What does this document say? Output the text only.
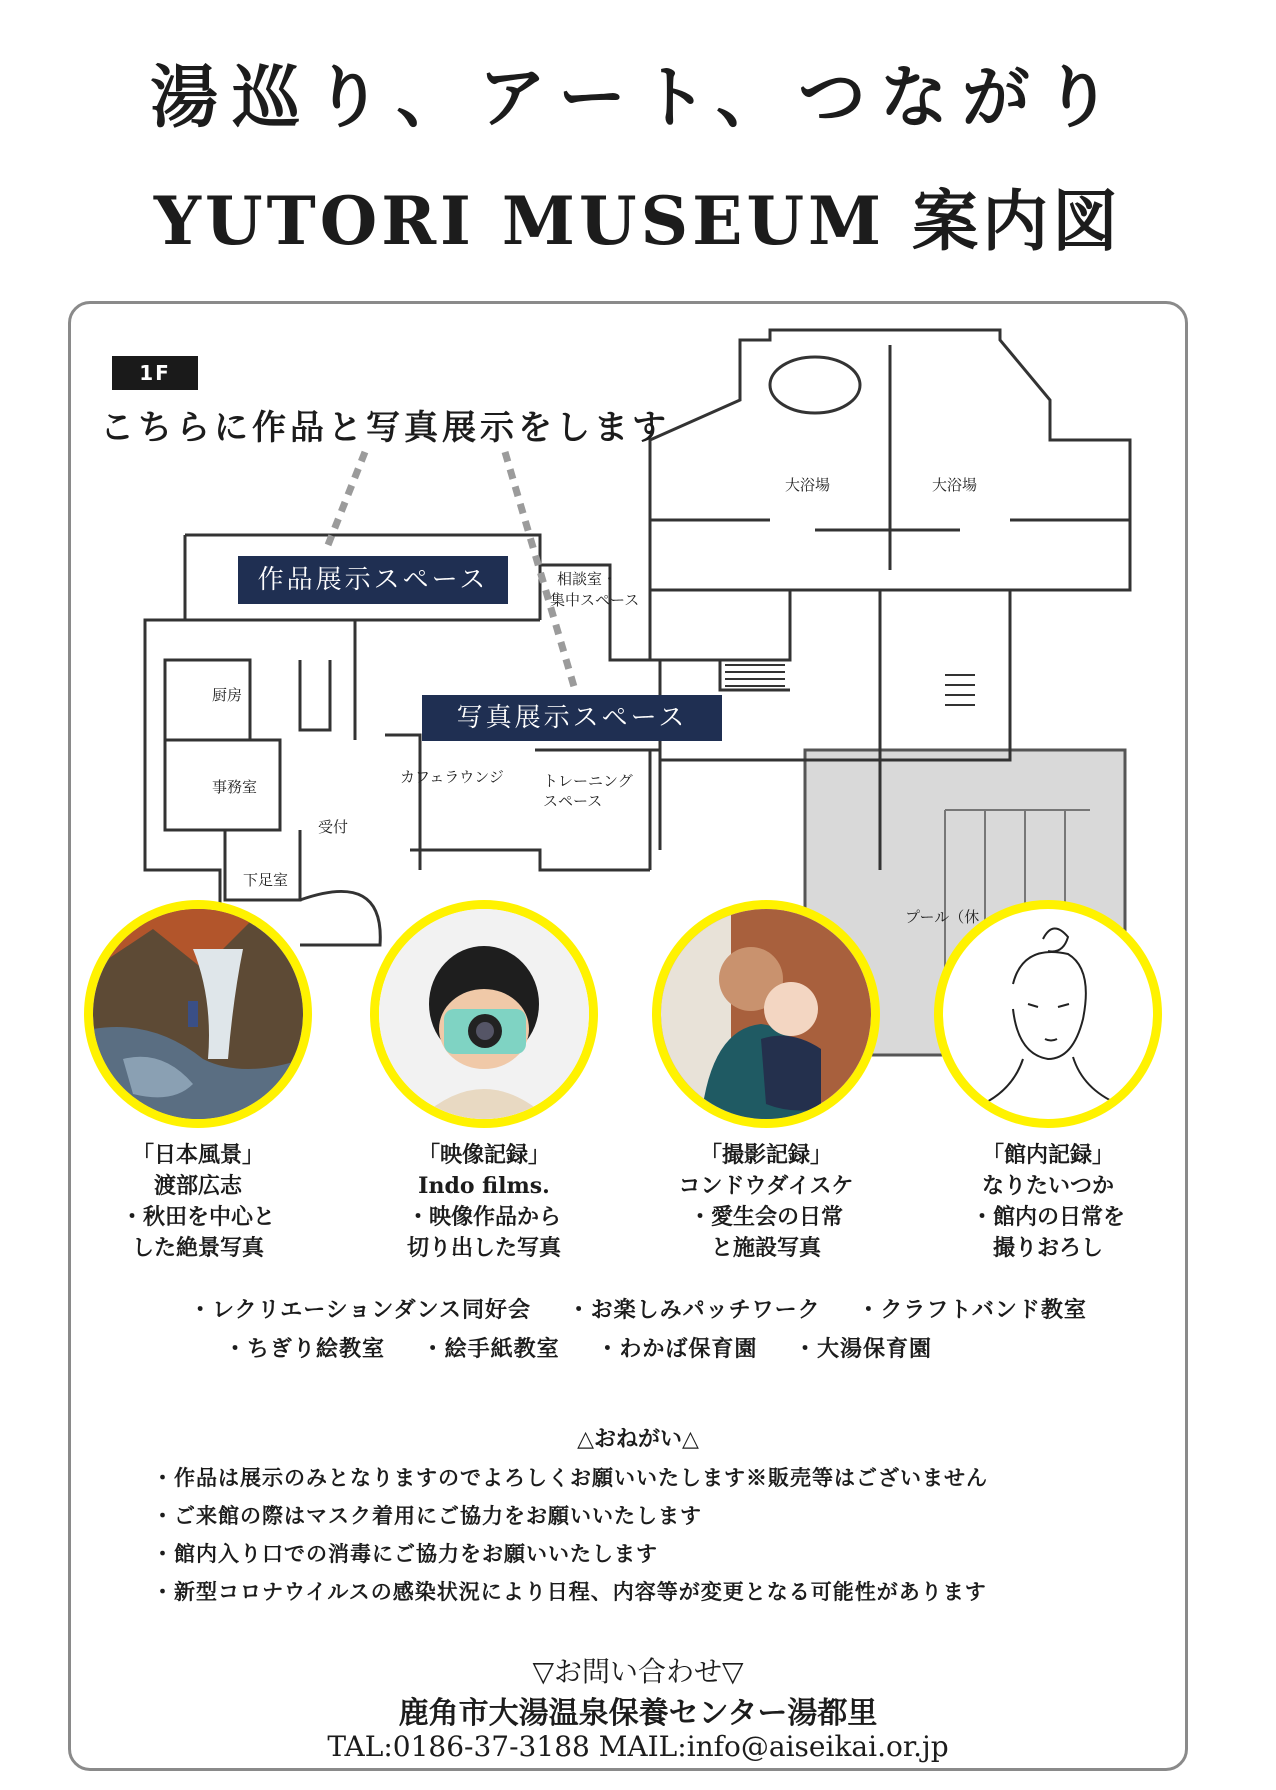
湯巡り、アート、つながり
YUTORI MUSEUM 案内図
大浴場	大浴場
相談室・
集中スペース
厨房
事務室
受付
下足室
カフェラウンジ	トレーニング
スペース
プール（休
1F
こちらに作品と写真展示をします
作品展示スペース
写真展示スペース
「日本風景」
渡部広志
・秋田を中心と
した絶景写真
「映像記録」
Indo films.
・映像作品から
切り出した写真
「撮影記録」
コンドウダイスケ
・愛生会の日常
と施設写真
「館内記録」
なりたいつか
・館内の日常を
撮りおろし
・レクリエーションダンス同好会 ・お楽しみパッチワーク ・クラフトバンド教室
・ちぎり絵教室 ・絵手紙教室 ・わかば保育園 ・大湯保育園
△おねがい△
・作品は展示のみとなりますのでよろしくお願いいたします※販売等はございません
・ご来館の際はマスク着用にご協力をお願いいたします
・館内入り口での消毒にご協力をお願いいたします
・新型コロナウイルスの感染状況により日程、内容等が変更となる可能性があります
▽お問い合わせ▽
鹿角市大湯温泉保養センター湯都里
TAL:0186-37-3188 MAIL:info@aiseikai.or.jp
